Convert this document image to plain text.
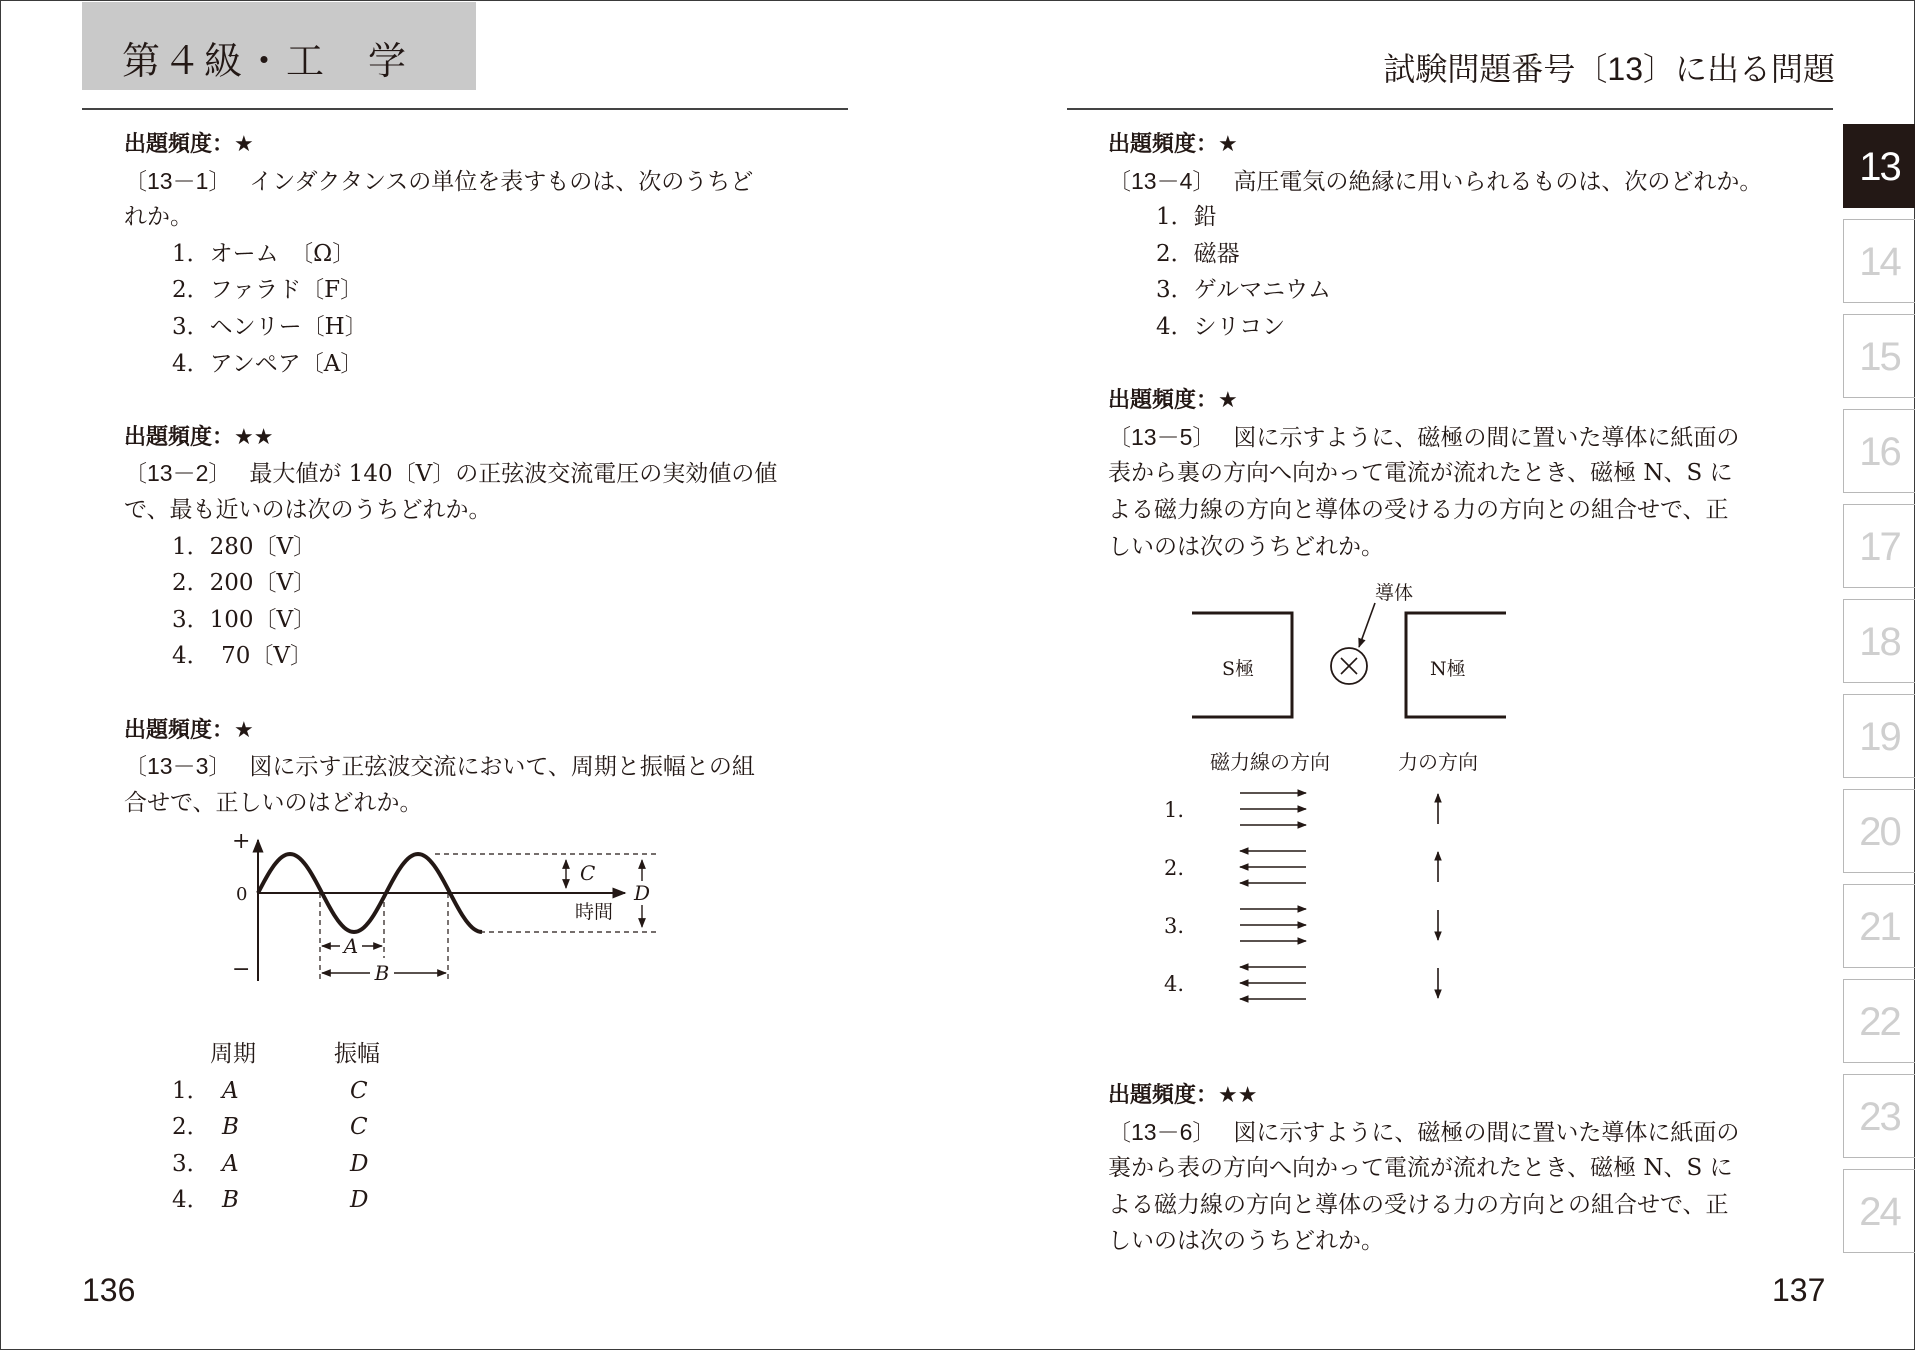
第４級・工　学	試験問題番号〔13〕に出る問題
出題頻度：★
〔13－1〕 インダクタンスの単位を表すものは、次のうちど
れか。
1．オーム　〔Ω〕
2．ファラド〔F〕
3．ヘンリー〔H〕
4．アンペア〔A〕
出題頻度：★★
〔13－2〕 最大値が 140〔V〕の正弦波交流電圧の実効値の値
で、最も近いのは次のうちどれか。
1．280〔V〕
2．200〔V〕
3．100〔V〕
4．　70〔V〕
出題頻度：★
〔13－3〕 図に示す正弦波交流において、周期と振幅との組
合せで、正しいのはどれか。
A
B
C
D
+
0
−
時間
周期	振幅
1． A	C
2． B	C
3． A	D
4． B	D
出題頻度：★
〔13－4〕 高圧電気の絶縁に用いられるものは、次のどれか。
1．鉛
2．磁器
3．ゲルマニウム
4．シリコン
出題頻度：★
〔13－5〕 図に示すように、磁極の間に置いた導体に紙面の
表から裏の方向へ向かって電流が流れたとき、磁極 N、S に
よる磁力線の方向と導体の受ける力の方向との組合せで、正
しいのは次のうちどれか。
S極	N極
導体
磁力線の方向	力の方向
1.
2.
3.
4.
出題頻度：★★
〔13－6〕 図に示すように、磁極の間に置いた導体に紙面の
裏から表の方向へ向かって電流が流れたとき、磁極 N、S に
よる磁力線の方向と導体の受ける力の方向との組合せで、正
しいのは次のうちどれか。
13
14
15
16
17
18
19
20
21
22
23
24
136	137
